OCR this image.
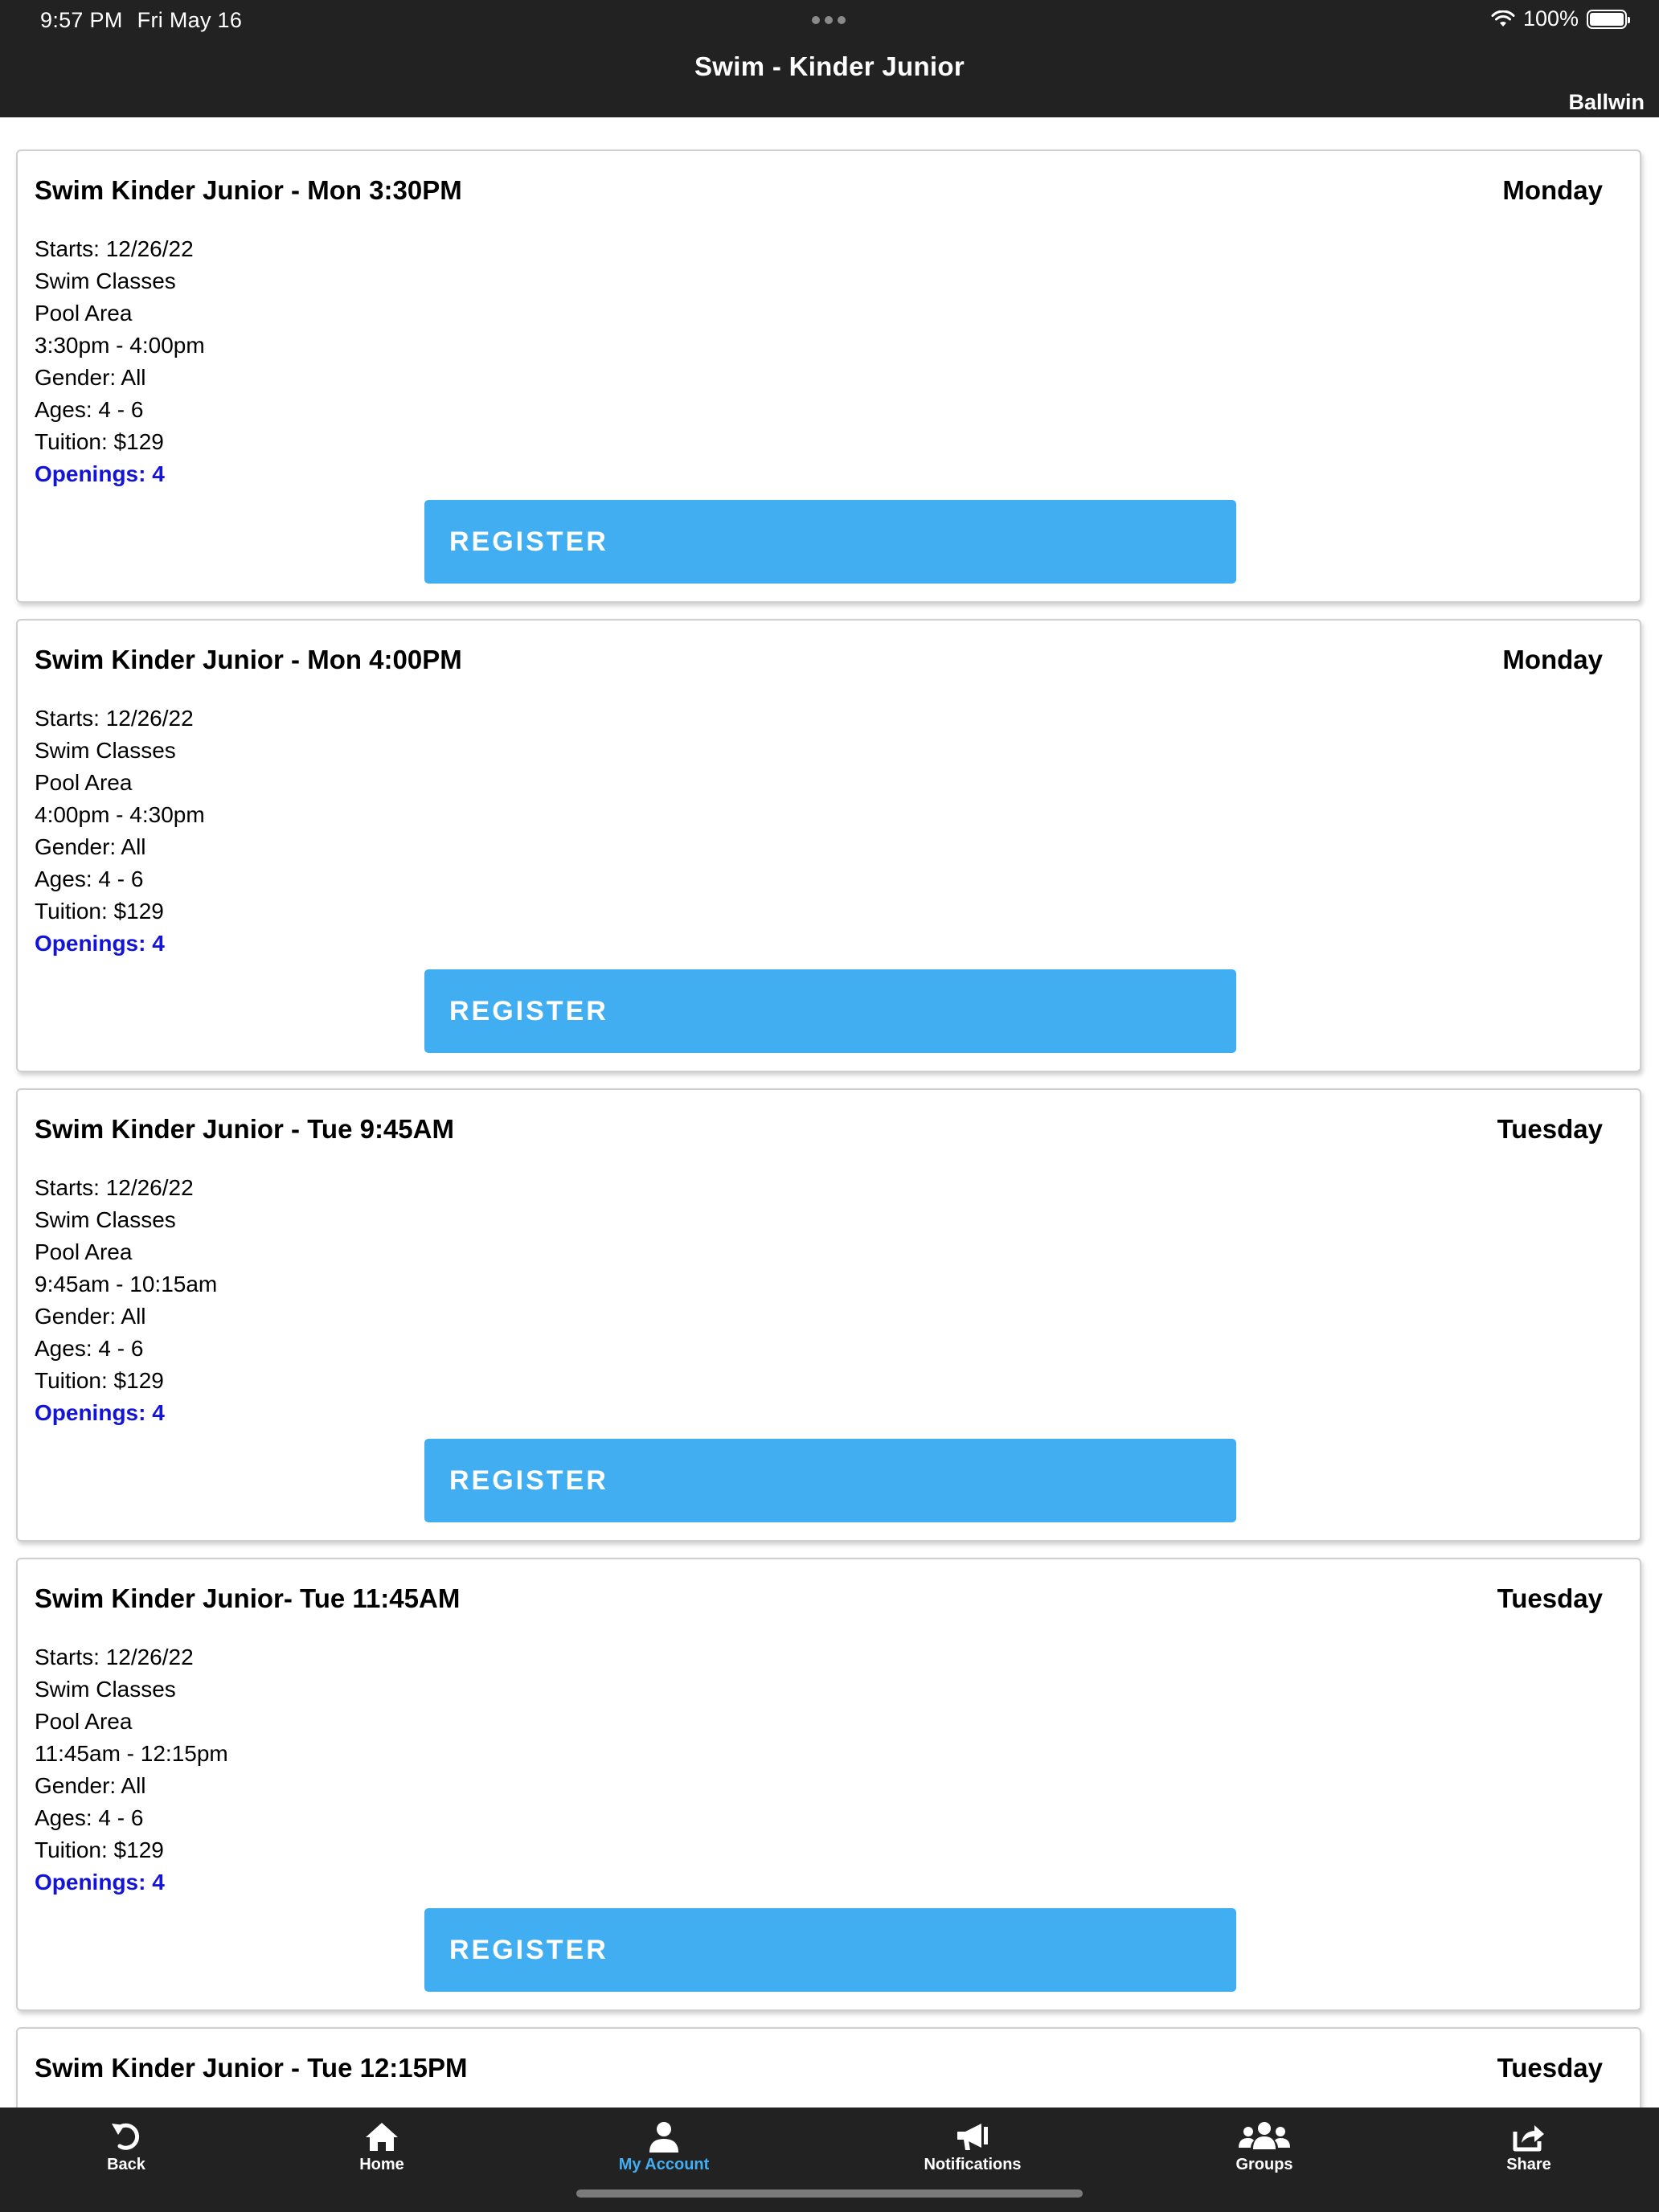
9:57 PM Fri May 16	100%
Swim - Kinder Junior
Ballwin
Swim Kinder Junior - Mon 3:30PM	Monday
Starts: 12/26/22
Swim Classes
Pool Area
3:30pm - 4:00pm
Gender: All
Ages: 4 - 6
Tuition: $129
Openings: 4
REGISTER
Swim Kinder Junior - Mon 4:00PM	Monday
Starts: 12/26/22
Swim Classes
Pool Area
4:00pm - 4:30pm
Gender: All
Ages: 4 - 6
Tuition: $129
Openings: 4
REGISTER
Swim Kinder Junior - Tue 9:45AM	Tuesday
Starts: 12/26/22
Swim Classes
Pool Area
9:45am - 10:15am
Gender: All
Ages: 4 - 6
Tuition: $129
Openings: 4
REGISTER
Swim Kinder Junior- Tue 11:45AM	Tuesday
Starts: 12/26/22
Swim Classes
Pool Area
11:45am - 12:15pm
Gender: All
Ages: 4 - 6
Tuition: $129
Openings: 4
REGISTER
Swim Kinder Junior - Tue 12:15PM	Tuesday
Back	Home	My Account	Notifications	Groups	Share
